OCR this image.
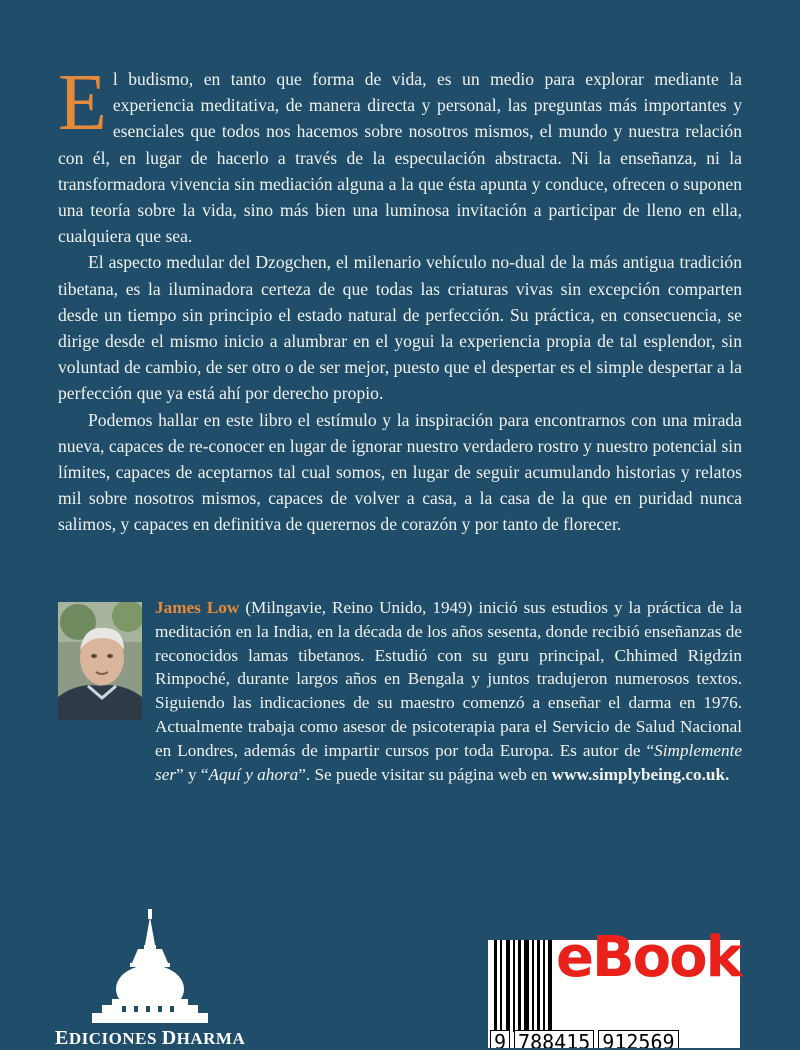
El budismo, en tanto que forma de vida, es un medio para explorar mediante la experiencia meditativa, de manera directa y personal, las preguntas más importantes y esenciales que todos nos hacemos sobre nosotros mismos, el mundo y nuestra relación con él, en lugar de hacerlo a través de la especulación abstracta. Ni la enseñanza, ni la transformadora vivencia sin mediación alguna a la que ésta apunta y conduce, ofrecen o suponen una teoría sobre la vida, sino más bien una luminosa invitación a participar de lleno en ella, cualquiera que sea.

El aspecto medular del Dzogchen, el milenario vehículo no-dual de la más antigua tradición tibetana, es la iluminadora certeza de que todas las criaturas vivas sin excepción comparten desde un tiempo sin principio el estado natural de perfección. Su práctica, en consecuencia, se dirige desde el mismo inicio a alumbrar en el yogui la experiencia propia de tal esplendor, sin voluntad de cambio, de ser otro o de ser mejor, puesto que el despertar es el simple despertar a la perfección que ya está ahí por derecho propio.

Podemos hallar en este libro el estímulo y la inspiración para encontrarnos con una mirada nueva, capaces de re-conocer en lugar de ignorar nuestro verdadero rostro y nuestro potencial sin límites, capaces de aceptarnos tal cual somos, en lugar de seguir acumulando historias y relatos mil sobre nosotros mismos, capaces de volver a casa, a la casa de la que en puridad nunca salimos, y capaces en definitiva de querernos de corazón y por tanto de florecer.

James Low (Milngavie, Reino Unido, 1949) inició sus estudios y la práctica de la meditación en la India, en la década de los años sesenta, donde recibió enseñanzas de reconocidos lamas tibetanos. Estudió con su guru principal, Chhimed Rigdzin Rimpoché, durante largos años en Bengala y juntos tradujeron numerosos textos. Siguiendo las indicaciones de su maestro comenzó a enseñar el darma en 1976. Actualmente trabaja como asesor de psicoterapia para el Servicio de Salud Nacional en Londres, además de impartir cursos por toda Europa. Es autor de “Simplemente ser” y “Aquí y ahora”. Se puede visitar su página web en www.simplybeing.co.uk.
EDICIONES DHARMA
eBook
9 788415 912569
